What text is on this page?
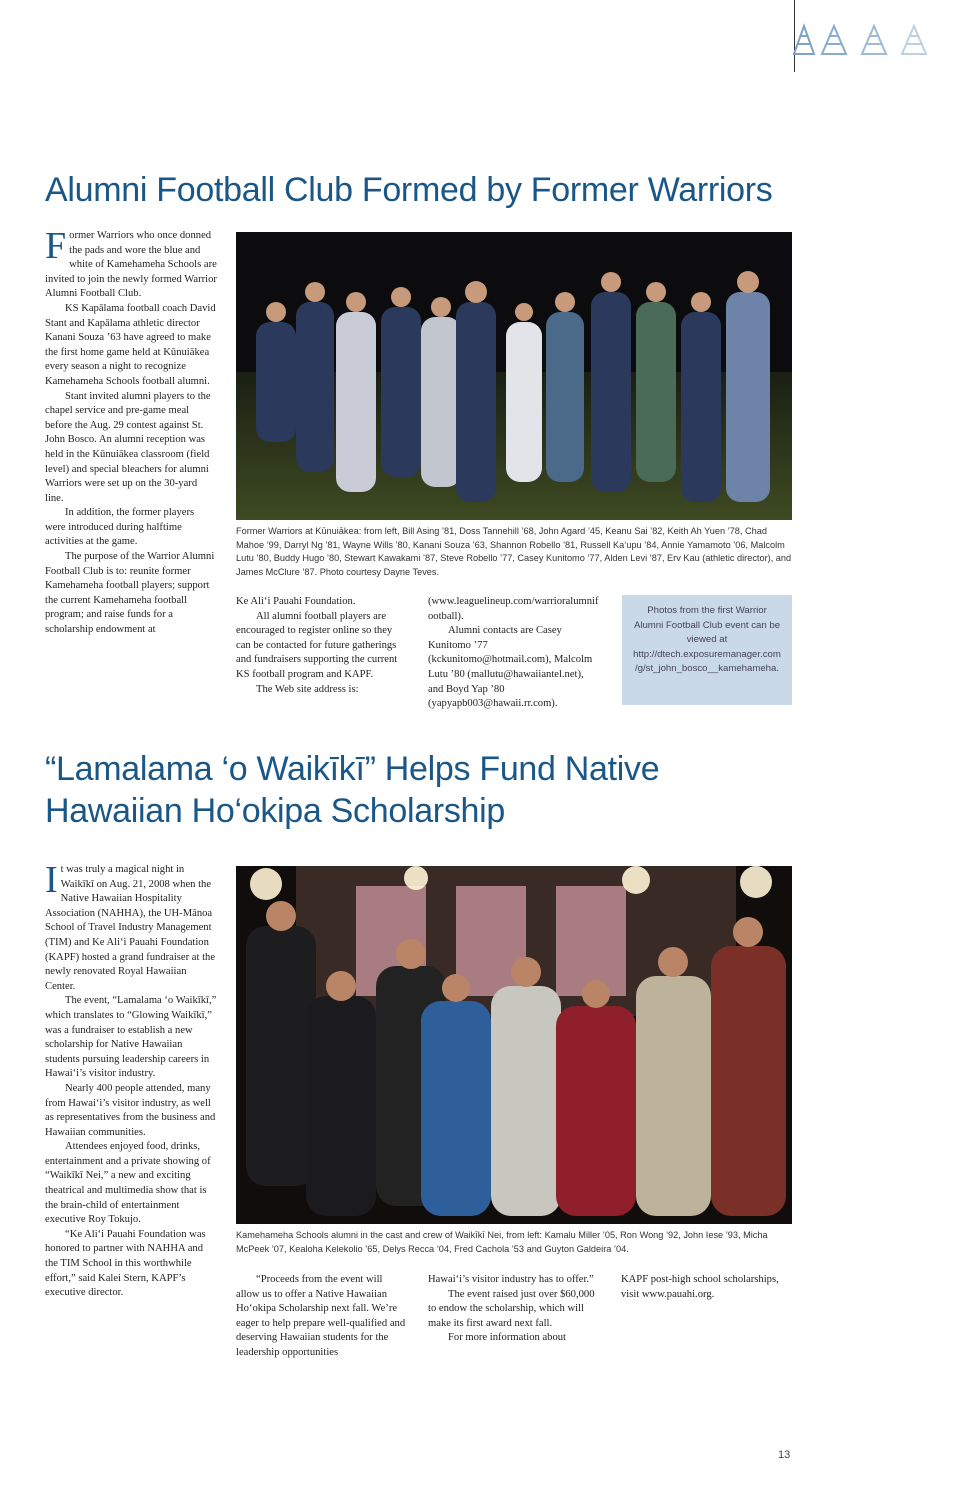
Alumni Football Club Formed by Former Warriors
F ormer Warriors who once donned the pads and wore the blue and white of Kamehameha Schools are invited to join the newly formed Warrior Alumni Football Club.

KS Kapālama football coach David Stant and Kapālama athletic director Kanani Souza ’63 have agreed to make the first home game held at Kūnuiākea every season a night to recognize Kamehameha Schools football alumni.

Stant invited alumni players to the chapel service and pre-game meal before the Aug. 29 contest against St. John Bosco. An alumni reception was held in the Kūnuiākea classroom (field level) and special bleachers for alumni Warriors were set up on the 30-yard line.

In addition, the former players were introduced during halftime activities at the game.

The purpose of the Warrior Alumni Football Club is to: reunite former Kamehameha football players; support the current Kamehameha football program; and raise funds for a scholarship endowment at

Former Warriors at Kūnuiākea: from left, Bill Asing ’81, Doss Tannehill ’68, John Agard ’45, Keanu Sai ’82, Keith Ah Yuen ’78, Chad Mahoe ’99, Darryl Ng ’81, Wayne Wills ’80, Kanani Souza ’63, Shannon Robello ’81, Russell Ka‘upu ’84, Annie Yamamoto ’06, Malcolm Lutu ’80, Buddy Hugo ’80, Stewart Kawakami ’87, Steve Robello ’77, Casey Kunitomo ’77, Alden Levi ’87, Erv Kau (athletic director), and James McClure ’87. Photo courtesy Dayne Teves.

Ke Ali‘i Pauahi Foundation.

All alumni football players are encouraged to register online so they can be contacted for future gatherings and fundraisers supporting the current KS football program and KAPF.

The Web site address is:

(www.leaguelineup.com/warrioralumnifootball).

Alumni contacts are Casey Kunitomo ’77 (kckunitomo@hotmail.com), Malcolm Lutu ’80 (mallutu@hawaiiantel.net), and Boyd Yap ’80 (yapyapb003@hawaii.rr.com).

Photos from the first Warrior Alumni Football Club event can be viewed at http://dtech.exposuremanager.com/g/st_john_bosco__kamehameha.
“Lamalama ‘o Waikīkī” Helps Fund Native
Hawaiian Ho‘okipa Scholarship
I t was truly a magical night in Waikīkī on Aug. 21, 2008 when the Native Hawaiian Hospitality Association (NAHHA), the UH-Mānoa School of Travel Industry Management (TIM) and Ke Ali‘i Pauahi Foundation (KAPF) hosted a grand fundraiser at the newly renovated Royal Hawaiian Center.

The event, “Lamalama ‘o Waikīkī,” which translates to “Glowing Waikīkī,” was a fundraiser to establish a new scholarship for Native Hawaiian students pursuing leadership careers in Hawai‘i’s visitor industry.

Nearly 400 people attended, many from Hawai‘i’s visitor industry, as well as representatives from the business and Hawaiian communities.

Attendees enjoyed food, drinks, entertainment and a private showing of “Waikīkī Nei,” a new and exciting theatrical and multimedia show that is the brain-child of entertainment executive Roy Tokujo.

“Ke Ali‘i Pauahi Foundation was honored to partner with NAHHA and the TIM School in this worthwhile effort,” said Kalei Stern, KAPF’s executive director.

Kamehameha Schools alumni in the cast and crew of Waikīkī Nei, from left: Kamalu Miller ’05, Ron Wong ’92, John Iese ’93, Micha McPeek ’07, Kealoha Kelekolio ’65, Delys Recca ’04, Fred Cachola ’53 and Guyton Galdeira ’04.

“Proceeds from the event will allow us to offer a Native Hawaiian Ho‘okipa Scholarship next fall. We’re eager to help prepare well-qualified and deserving Hawaiian students for the leadership opportunities

Hawai‘i’s visitor industry has to offer.”

The event raised just over $60,000 to endow the scholarship, which will make its first award next fall.

For more information about

KAPF post-high school scholarships, visit www.pauahi.org.

13
